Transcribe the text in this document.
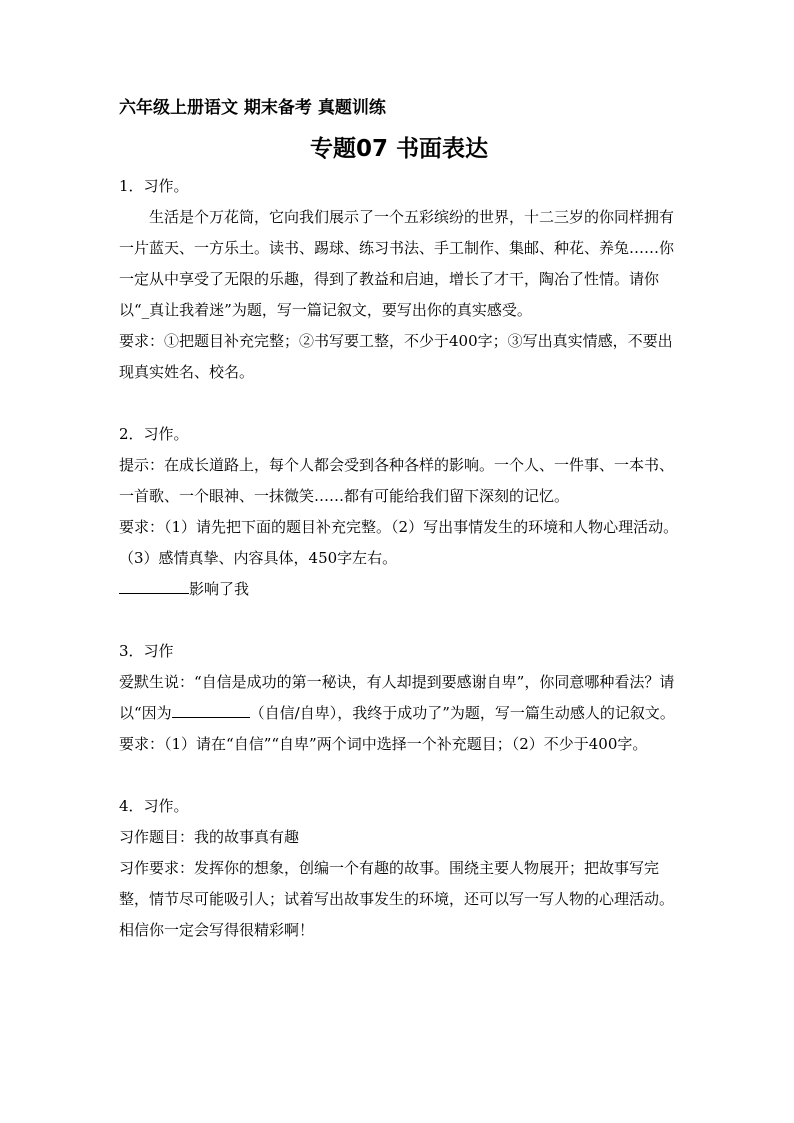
六年级上册语文 期末备考 真题训练

专题07 书面表达

1．习作。

生活是个万花筒，它向我们展示了一个五彩缤纷的世界，十二三岁的你同样拥有一片蓝天、一方乐土。读书、踢球、练习书法、手工制作、集邮、种花、养兔……你一定从中享受了无限的乐趣，得到了教益和启迪，增长了才干，陶冶了性情。请你以“_真让我着迷”为题，写一篇记叙文，要写出你的真实感受。

要求：①把题目补充完整；②书写要工整，不少于400字；③写出真实情感，不要出现真实姓名、校名。

2．习作。

提示：在成长道路上，每个人都会受到各种各样的影响。一个人、一件事、一本书、一首歌、一个眼神、一抹微笑……都有可能给我们留下深刻的记忆。

要求：（1）请先把下面的题目补充完整。（2）写出事情发生的环境和人物心理活动。（3）感情真挚、内容具体，450字左右。

影响了我

3．习作

爱默生说：“自信是成功的第一秘诀，有人却提到要感谢自卑”，你同意哪种看法？请以“因为	（自信/自卑），我终于成功了”为题，写一篇生动感人的记叙文。

要求：（1）请在“自信”“自卑”两个词中选择一个补充题目；（2）不少于400字。

4．习作。

习作题目：我的故事真有趣

习作要求：发挥你的想象，创编一个有趣的故事。围绕主要人物展开；把故事写完整，情节尽可能吸引人；试着写出故事发生的环境，还可以写一写人物的心理活动。相信你一定会写得很精彩啊！
